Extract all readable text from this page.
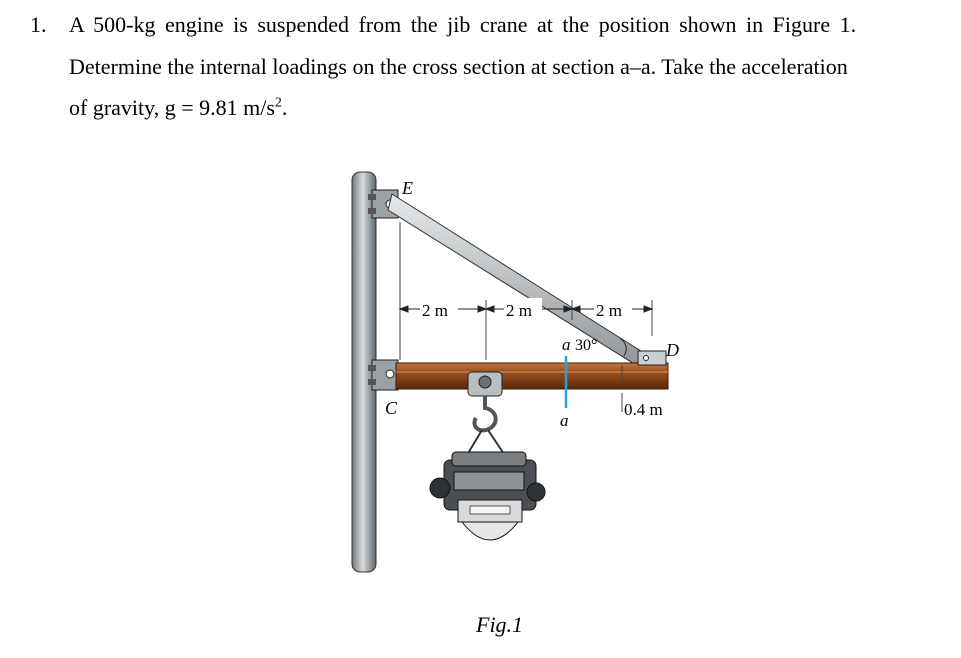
1. A 500-kg engine is suspended from the jib crane at the position shown in Figure 1.
Determine the internal loadings on the cross section at section a–a. Take the acceleration
of gravity, g = 9.81 $m/s^2$.
2 m	2 m	2 m
E
C
D
a 30°
a
0.4 m
Fig.1
